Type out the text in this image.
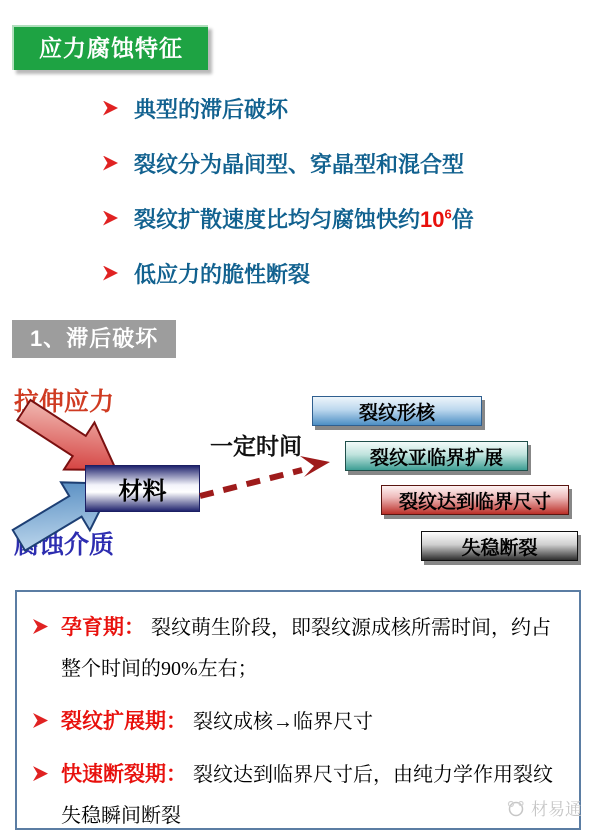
应力腐蚀特征
典型的滞后破坏
裂纹分为晶间型、穿晶型和混合型
裂纹扩散速度比均匀腐蚀快约$10^6$倍
低应力的脆性断裂
1、滞后破坏
拉伸应力
腐蚀介质
材料
一定时间
裂纹形核
裂纹亚临界扩展
裂纹达到临界尺寸
失稳断裂
孕育期： 裂纹萌生阶段，即裂纹源成核所需时间，约占整个时间的90%左右；
裂纹扩展期： 裂纹成核→临界尺寸
快速断裂期： 裂纹达到临界尺寸后，由纯力学作用裂纹失稳瞬间断裂	材易通
